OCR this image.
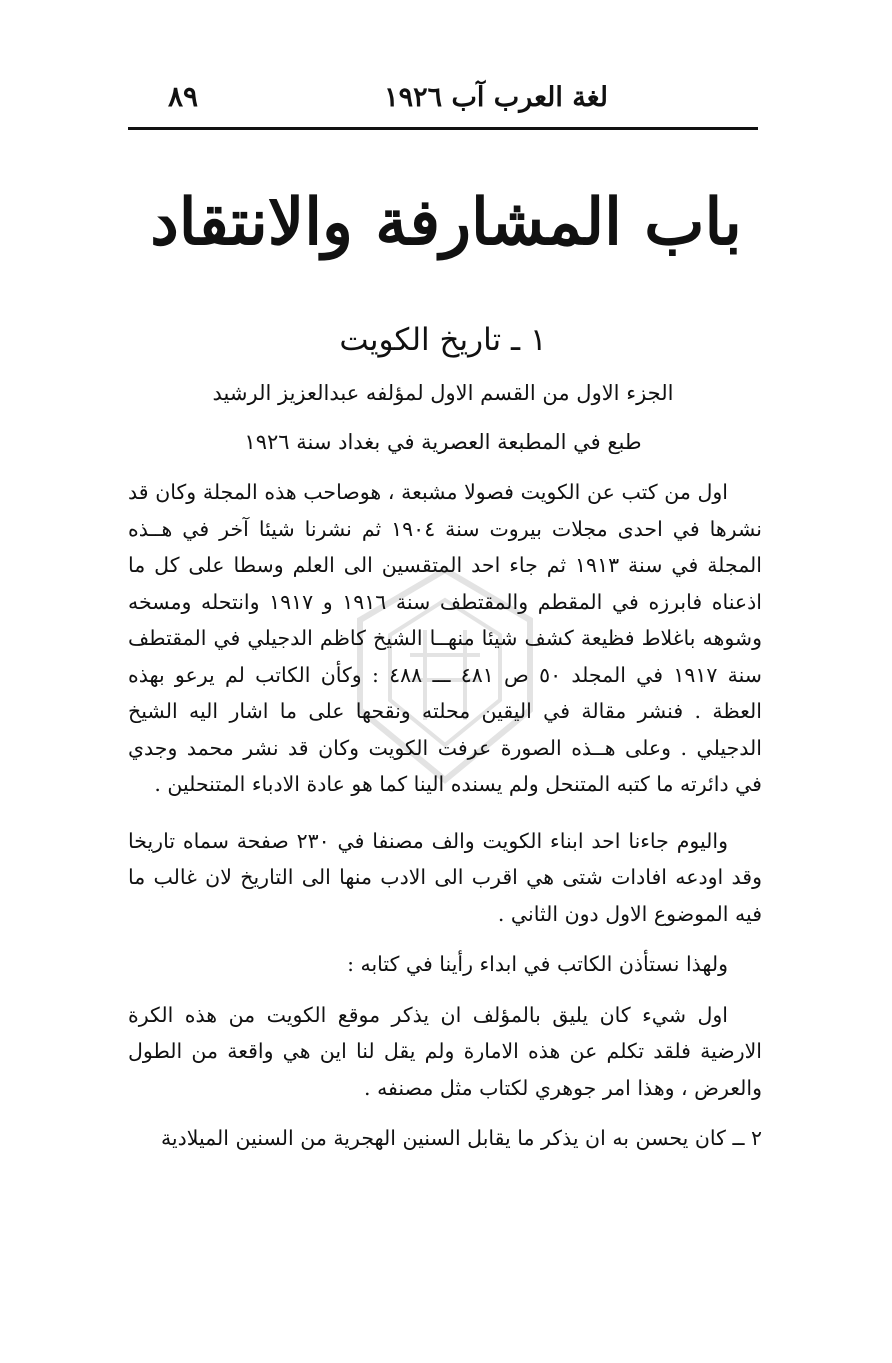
لغة العرب آب ١٩٢٦
٨٩
باب المشارفة والانتقاد
١ ـ تاريخ الكويت
الجزء الاول من القسم الاول لمؤلفه عبدالعزيز الرشيد
طبع في المطبعة العصرية في بغداد سنة ١٩٢٦

اول من كتب عن الكويت فصولا مشبعة ، هوصاحب هذه المجلة وكان قد نشرها في احدى مجلات بيروت سنة ١٩٠٤ ثم نشرنا شيئا آخر في هــذه المجلة في سنة ١٩١٣ ثم جاء احد المتقسين الى العلم وسطا على كل ما اذعناه فابرزه في المقطم والمقتطف سنة ١٩١٦ و ١٩١٧ وانتحله ومسخه وشوهه باغلاط فظيعة كشف شيئا منهــا الشيخ كاظم الدجيلي في المقتطف سنة ١٩١٧ في المجلد ٥٠ ص ٤٨١ ـــ ٤٨٨ : وكأن الكاتب لم يرعو بهذه العظة . فنشر مقالة في اليقين محلته ونقحها على ما اشار اليه الشيخ الدجيلي . وعلى هــذه الصورة عرفت الكويت وكان قد نشر محمد وجدي في دائرته ما كتبه المتنحل ولم يسنده الينا كما هو عادة الادباء المتنحلين .

واليوم جاءنا احد ابناء الكويت والف مصنفا في ٢٣٠ صفحة سماه تاريخا وقد اودعه افادات شتى هي اقرب الى الادب منها الى التاريخ لان غالب ما فيه الموضوع الاول دون الثاني .

ولهذا نستأذن الكاتب في ابداء رأينا في كتابه :

اول شيء كان يليق بالمؤلف ان يذكر موقع الكويت من هذه الكرة الارضية فلقد تكلم عن هذه الامارة ولم يقل لنا اين هي واقعة من الطول والعرض ، وهذا امر جوهري لكتاب مثل مصنفه .

٢ ــ كان يحسن به ان يذكر ما يقابل السنين الهجرية من السنين الميلادية
